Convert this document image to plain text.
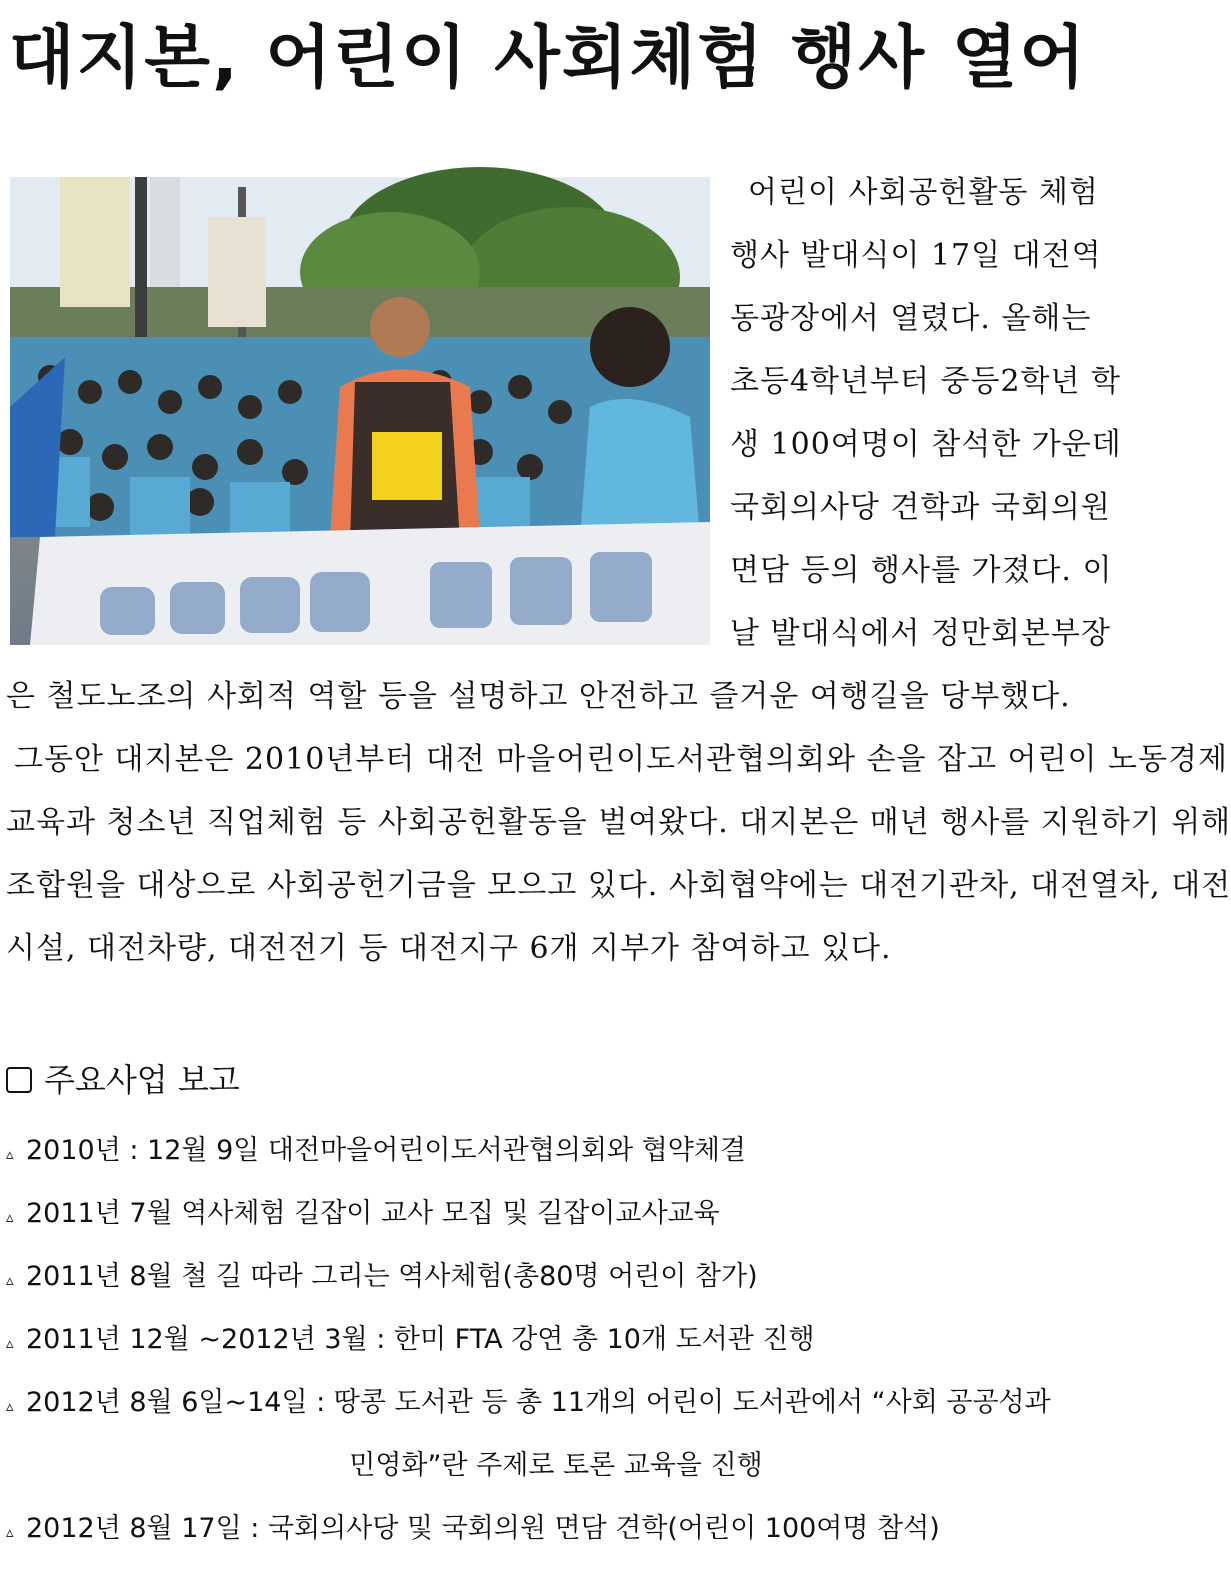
대지본, 어린이 사회체험 행사 열어

어린이 사회공헌활동 체험

행사 발대식이 17일 대전역

동광장에서 열렸다. 올해는

초등4학년부터 중등2학년 학

생 100여명이 참석한 가운데

국회의사당 견학과 국회의원

면담 등의 행사를 가졌다. 이

날 발대식에서 정만회본부장

은 철도노조의 사회적 역할 등을 설명하고 안전하고 즐거운 여행길을 당부했다.

그동안 대지본은 2010년부터 대전 마을어린이도서관협의회와 손을 잡고 어린이 노동경제

교육과 청소년 직업체험 등 사회공헌활동을 벌여왔다. 대지본은 매년 행사를 지원하기 위해

조합원을 대상으로 사회공헌기금을 모으고 있다. 사회협약에는 대전기관차, 대전열차, 대전

시설, 대전차량, 대전전기 등 대전지구 6개 지부가 참여하고 있다.

주요사업 보고
▵ 2010년 : 12월 9일 대전마을어린이도서관협의회와 협약체결
▵ 2011년 7월 역사체험 길잡이 교사 모집 및 길잡이교사교육
▵ 2011년 8월 철 길 따라 그리는 역사체험(총80명 어린이 참가)
▵ 2011년 12월 ~2012년 3월 : 한미 FTA 강연 총 10개 도서관 진행
▵ 2012년 8월 6일~14일 : 땅콩 도서관 등 총 11개의 어린이 도서관에서 “사회 공공성과
민영화”란 주제로 토론 교육을 진행
▵ 2012년 8월 17일 : 국회의사당 및 국회의원 면담 견학(어린이 100여명 참석)
